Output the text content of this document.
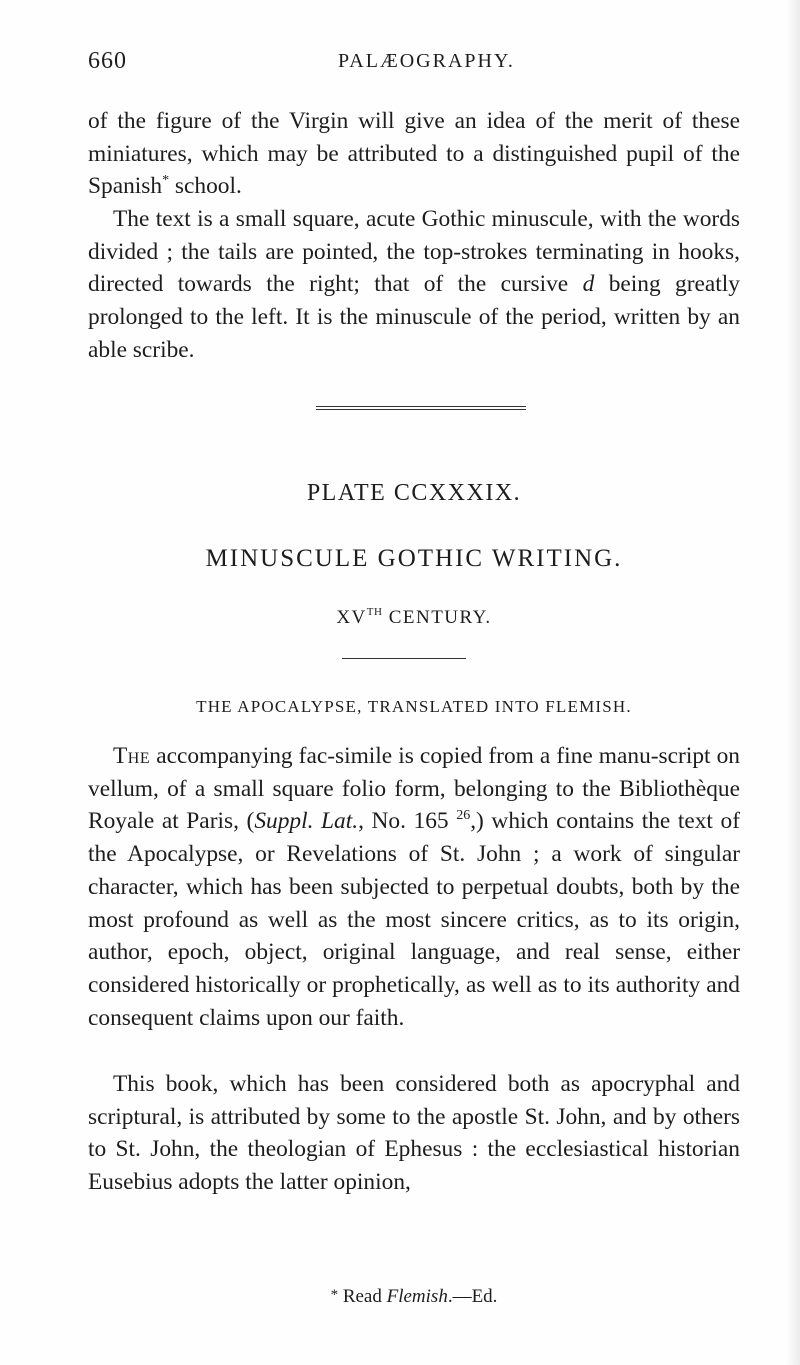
660	PALÆOGRAPHY.

of the figure of the Virgin will give an idea of the merit of these miniatures, which may be attributed to a distinguished pupil of the Spanish* school.

The text is a small square, acute Gothic minuscule, with the words divided ; the tails are pointed, the top-strokes terminating in hooks, directed towards the right; that of the cursive d being greatly prolonged to the left. It is the minuscule of the period, written by an able scribe.

PLATE CCXXXIX.

MINUSCULE GOTHIC WRITING.

XVTH CENTURY.

THE APOCALYPSE, TRANSLATED INTO FLEMISH.

The accompanying fac-simile is copied from a fine manu-script on vellum, of a small square folio form, belonging to the Bibliothèque Royale at Paris, (Suppl. Lat., No. 165 $^{26}$,) which contains the text of the Apocalypse, or Revelations of St. John ; a work of singular character, which has been subjected to perpetual doubts, both by the most profound as well as the most sincere critics, as to its origin, author, epoch, object, original language, and real sense, either considered historically or prophetically, as well as to its authority and consequent claims upon our faith.

This book, which has been considered both as apocryphal and scriptural, is attributed by some to the apostle St. John, and by others to St. John, the theologian of Ephesus : the ecclesiastical historian Eusebius adopts the latter opinion,

* Read Flemish.—Ed.
